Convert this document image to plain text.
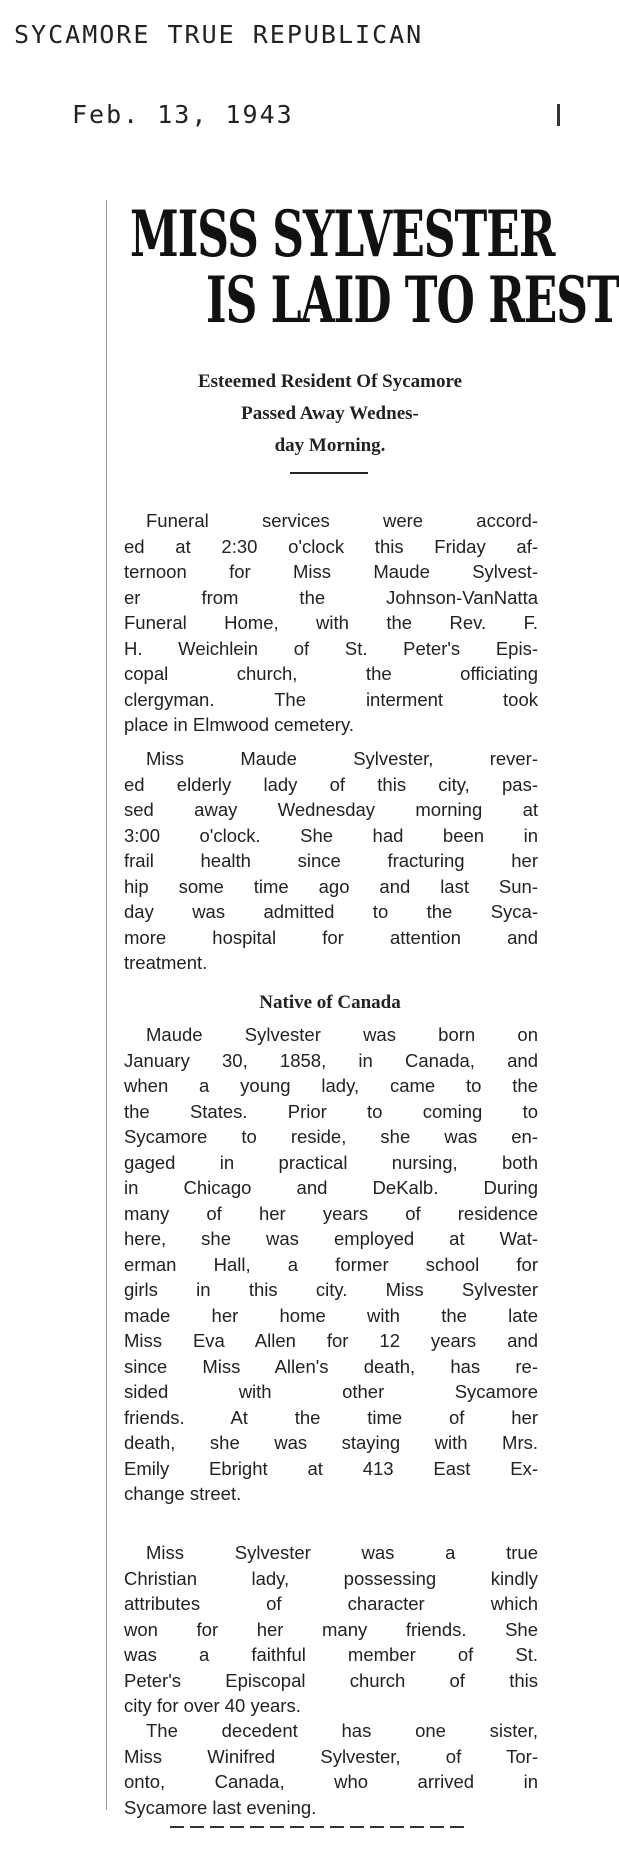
SYCAMORE TRUE REPUBLICAN
Feb. 13, 1943
MISS SYLVESTER
IS LAID TO REST
Esteemed Resident Of Sycamore
Passed Away Wednes-
day Morning.
Funeral services were accord-
ed at 2:30 o'clock this Friday af-
ternoon for Miss Maude Sylvest-
er from the Johnson-VanNatta
Funeral Home, with the Rev. F.
H. Weichlein of St. Peter's Epis-
copal church, the officiating
clergyman. The interment took
place in Elmwood cemetery.
Miss Maude Sylvester, rever-
ed elderly lady of this city, pas-
sed away Wednesday morning at
3:00 o'clock. She had been in
frail health since fracturing her
hip some time ago and last Sun-
day was admitted to the Syca-
more hospital for attention and
treatment.
Native of Canada
Maude Sylvester was born on
January 30, 1858, in Canada, and
when a young lady, came to the
the States. Prior to coming to
Sycamore to reside, she was en-
gaged in practical nursing, both
in Chicago and DeKalb. During
many of her years of residence
here, she was employed at Wat-
erman Hall, a former school for
girls in this city. Miss Sylvester
made her home with the late
Miss Eva Allen for 12 years and
since Miss Allen's death, has re-
sided with other Sycamore
friends. At the time of her
death, she was staying with Mrs.
Emily Ebright at 413 East Ex-
change street.
Miss Sylvester was a true
Christian lady, possessing kindly
attributes of character which
won for her many friends. She
was a faithful member of St.
Peter's Episcopal church of this
city for over 40 years.
The decedent has one sister,
Miss Winifred Sylvester, of Tor-
onto, Canada, who arrived in
Sycamore last evening.
